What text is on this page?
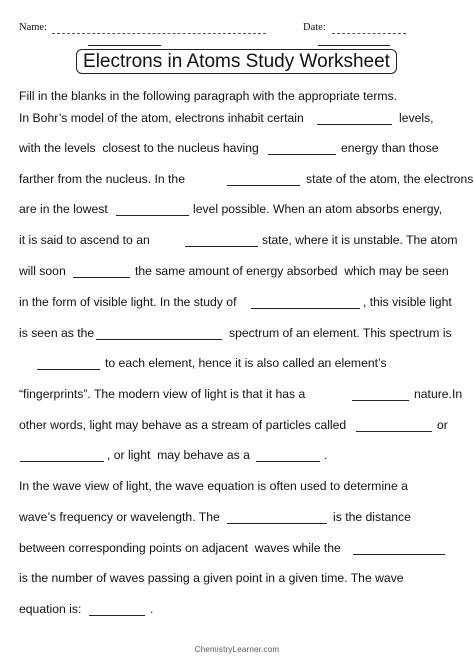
Name:	Date:
Electrons in Atoms Study Worksheet
Fill in the blanks in the following paragraph with the appropriate terms.
In Bohr’s model of the atom, electrons inhabit certain	levels,
with the levels  closest to the nucleus having	energy than those
farther from the nucleus. In the	state of the atom, the electrons
are in the lowest	level possible. When an atom absorbs energy,
it is said to ascend to an	state, where it is unstable. The atom
will soon	the same amount of energy absorbed  which may be seen
in the form of visible light. In the study of	, this visible light
is seen as the	spectrum of an element. This spectrum is
to each element, hence it is also called an element’s
“fingerprints”. The modern view of light is that it has a	nature.In
other words, light may behave as a stream of particles called	or
, or light  may behave as a	.
In the wave view of light, the wave equation is often used to determine a
wave’s frequency or wavelength. The	is the distance
between corresponding points on adjacent  waves while the
is the number of waves passing a given point in a given time. The wave
equation is:	.
ChemistryLearner.com
